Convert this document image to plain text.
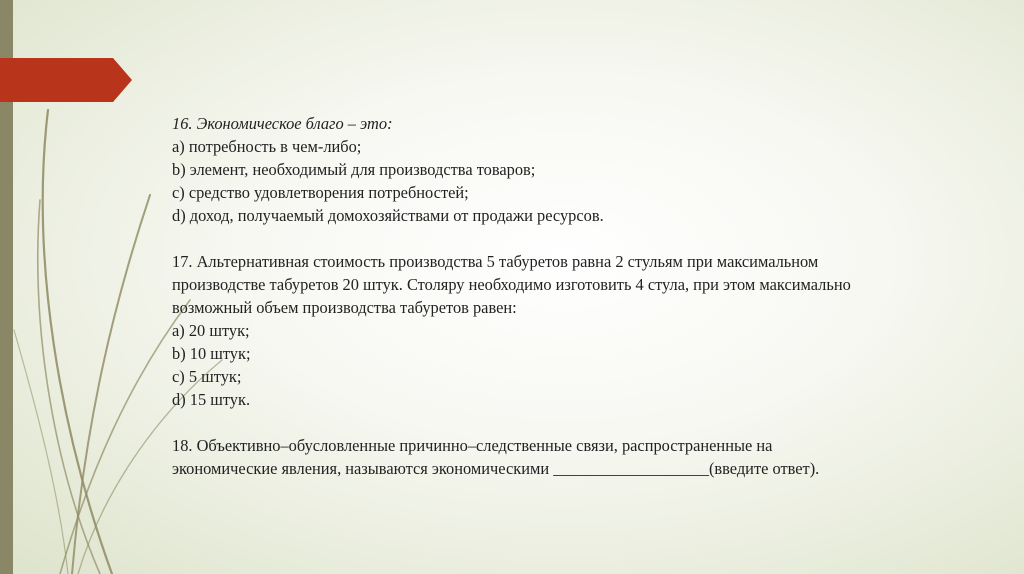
16. Экономическое благо – это:

a) потребность в чем-либо;

b) элемент, необходимый для производства товаров;

c) средство удовлетворения потребностей;

d) доход, получаемый домохозяйствами от продажи ресурсов.

17. Альтернативная стоимость производства 5 табуретов равна 2 стульям при максимальном

производстве табуретов 20 штук. Столяру необходимо изготовить 4 стула, при этом максимально

возможный объем производства табуретов равен:

a) 20 штук;

b) 10 штук;

c) 5 штук;

d) 15 штук.

18. Объективно–обусловленные причинно–следственные связи, распространенные на

экономические явления, называются экономическими ___________________(введите ответ).
